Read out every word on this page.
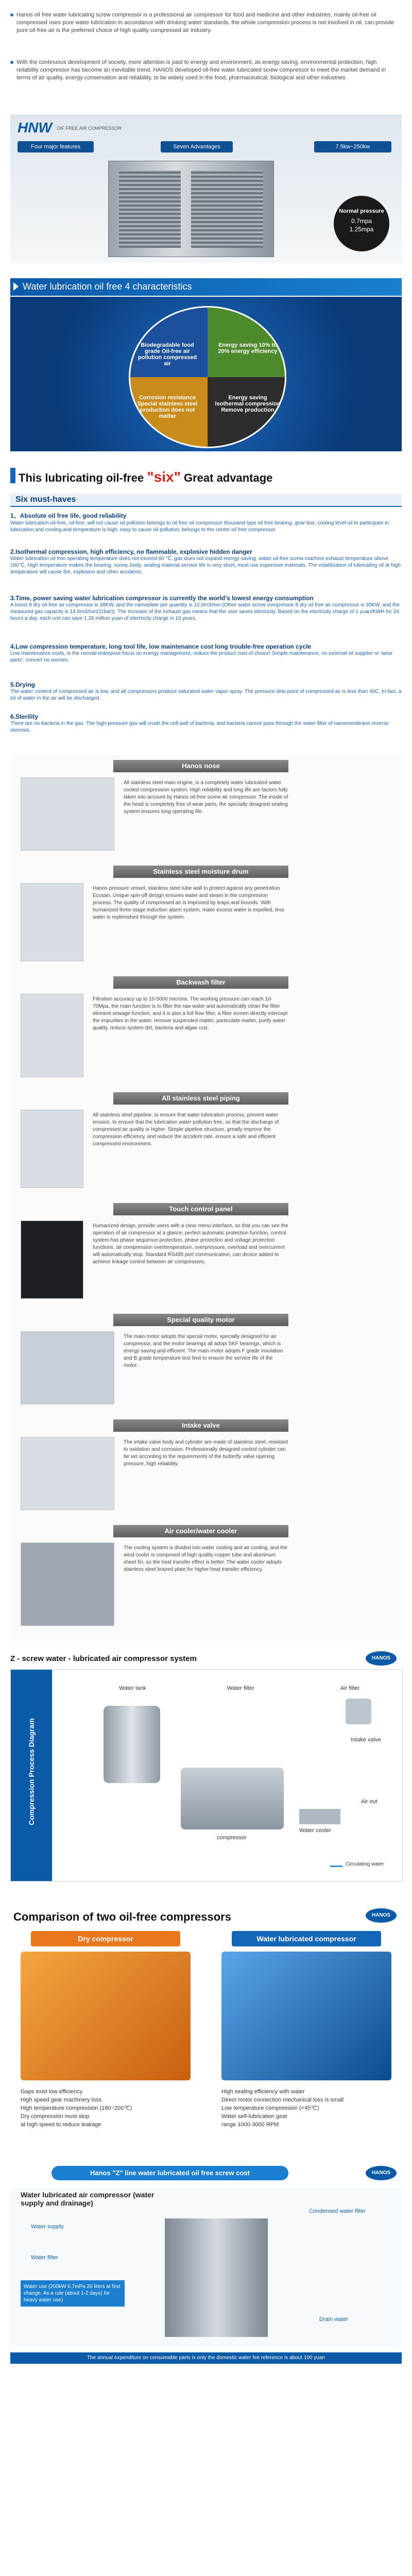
Hanos oil free water lubricating screw compressor is a professional air compressor for food and medicine and other industries, mainly oil-free oil compressed uses pure water lubrication in accordance with drinking water standards, the whole compression process is not involved in oil, can provide pure oil-free air is the preferred choice of high quality compressed air industry.
With the continuous development of society, more attention is paid to energy and environment, as energy saving, environmental protection, high reliability compressor has become an inevitable trend. HANOS developed oil-free water lubricated screw compressor to meet the market demand in terms of air quality, energy conservation and reliability, to be widely used in the food, pharmaceutical, biological and other industries.
HNW OIF FREE AIR COMPRESSOR
Four major features	Seven Advantages	7.5kw~250kw
Normal pressure
0.7mpa
1.25mpa
Water lubrication oil free 4 characteristics
Biodegradable food grade Oil-free air pollution compressed air
Energy saving 10% to 20% energy efficiency
Corrosion resistance Special stainless steel production does not matter
Energy saving Isothermal compression Remove production
This lubricating oil-free "six" Great advantage
Six must-haves
1、Absolute oil free life, good reliability
Water lubrication oil-free, oil-free, will not cause oil pollution belongs to oil free oil compressor thousand type oil free bearing, gear box, cooling level oil to participate in lubrication and cooling and temperature is high, easy to cause oil pollution, belongs to the center oil free compressor.
2.Isothermal compression, high efficiency, no flammable, explosive hidden danger
Water lubrication oil free operating temperature does not exceed 60 ℃, gas does not expand energy-saving, water oil-free screw machine exhaust temperature above 180℃, High temperature makes the bearing, screw, body, sealing material service life is very short, must use expensive materials. The volatilization of lubricating oil at high temperature will cause fire, explosion and other accidents.
3.Time, power saving water lubrication compressor is currently the world's lowest energy consumption
A boost 8 dry oil-free air compressor is 38KW, and the nameplate per quantity is 12.0m3/min (Other water screw compressor 8 dry oil free air compressor is 30KW, and the measured gas capacity is 14.0m3/min(11bar)). The increase of the exhaust gas means that the user saves electricity. Based on the electricity charge of 1 yuan/KWH for 24 hours a day, each unit can save 1.26 million yuan of electricity charge in 10 years.
4.Low compression temperature, long tool life, low maintenance cost long trouble-free operation cycle
Low maintenance costs, is the normal enterprise focus on energy management, reduce the product cost of choice! Simple maintenance, no external oil supplier or 'wear parts'; convert no worries.
5.Drying
The water content of compressed air is low, and all compressors produce saturated water vapor spray. The pressure dew point of compressed air is less than 40C. In fact, a lot of water in the air will be discharged.
6.Sterility
There are no bacteria in the gas. The high-pressure gas will crush the cell wall of bacteria, and bacteria cannot pass through the water filter of nanomembrane reverse osmosis.
Hanos nose
All stainless steel main engine, is a completely water lubricated water cooled compression system. High reliability and long life are factors fully taken into account by Hanos oil-free screw air compressor. The inside of the head is completely free of wear parts, the specially designed sealing system ensures long operating life.
Stainless steel moisture drum
Hanos pressure vessel, stainless steel tube wall to protect against any penetration Ecosan, Unique spin-off design ensures water and steam in the compression process. The quality of compressed air is improved by leaps and bounds. With humanized three-stage induction alarm system, make excess water is expelled, less water is replenished through the system.
Backwash filter
Filtration accuracy up to 10-5000 microns. The working pressure can reach 10-70Mpa. the main function is to filter the raw water and automatically clean the filter element sewage function, and it is also a full flow filter, a filter screen directly intercept the impurities in the water, remove suspended matter, particulate matter, purify water quality, reduce system dirt, bacteria and algae rust.
All stainless steel piping
All stainless steel pipeline, to ensure that water lubrication process, prevent water erosion. to ensure that the lubrication water pollution free, so that the discharge of compressed air quality is higher. Simple pipeline structure, greatly improve the compression efficiency, and reduce the accident rate, ensure a safe and efficient compressed environment.
Touch control panel
Humanized design, provide users with a clear menu interface, so that you can see the operation of air compressor at a glance; perfect automatic protection function, control system has phase sequence protection, phase protection and voltage protection functions, air compression overtemperature, overpressure, overload and overcurrent will automatically stop. Standard RS485 port communication, can device added to achieve linkage control between air compressors.
Special quality motor
The main motor adopts the special motor, specially designed for air compressor, and the motor bearings all adopt SKF bearings, which is energy saving and efficient. The main motor adopts F grade insulation and B grade temperature test limit to ensure the service life of the motor.
Intake valve
The intake valve body and cylinder are made of stainless steel, resistant to oxidation and corrosion. Professionally designed control cylinder can be set according to the requirements of the butterfly valve opening pressure, high reliability.
Air cooler/water cooler
The cooling system is divided into water cooling and air cooling, and the wind cooler is composed of high quality copper tube and aluminum sheet fin, so the heat transfer effect is better. The water cooler adopts stainless steel brazed plate for higher heat transfer efficiency.
Z - screw water - lubricated air compressor system	HANOS
Compression Process Diagram
Water tank	Water filter	Air filter
Intake valve
compressor
Water cooler
Air out
Circulating water
Comparison of two oil-free compressors	HANOS
Dry compressor
Gaps exist low efficiency
High speed gear machinery loss
High temperature compression (180~200℃)
Dry compression must stop
at high speed to reduce leakage
Water lubricated compressor
High sealing efficiency with water
Direct motor connection mechanical loss is small
Low temperature compression (<45℃)
Water self-lubrication gear
range 1000-3000 RPM
Hanos "Z" line water lubricated oil free screw cost	HANOS
Water lubricated air compressor (water supply and drainage)
Water supply
Water filter
Water use (200kW 0.7mPa 20 liters at first change. As a rule (about 1-2 days) for heavy water use)
Condensed water filter
Drain water
The annual expenditure on consumable parts is only the domestic water fee reference is about 100 yuan
